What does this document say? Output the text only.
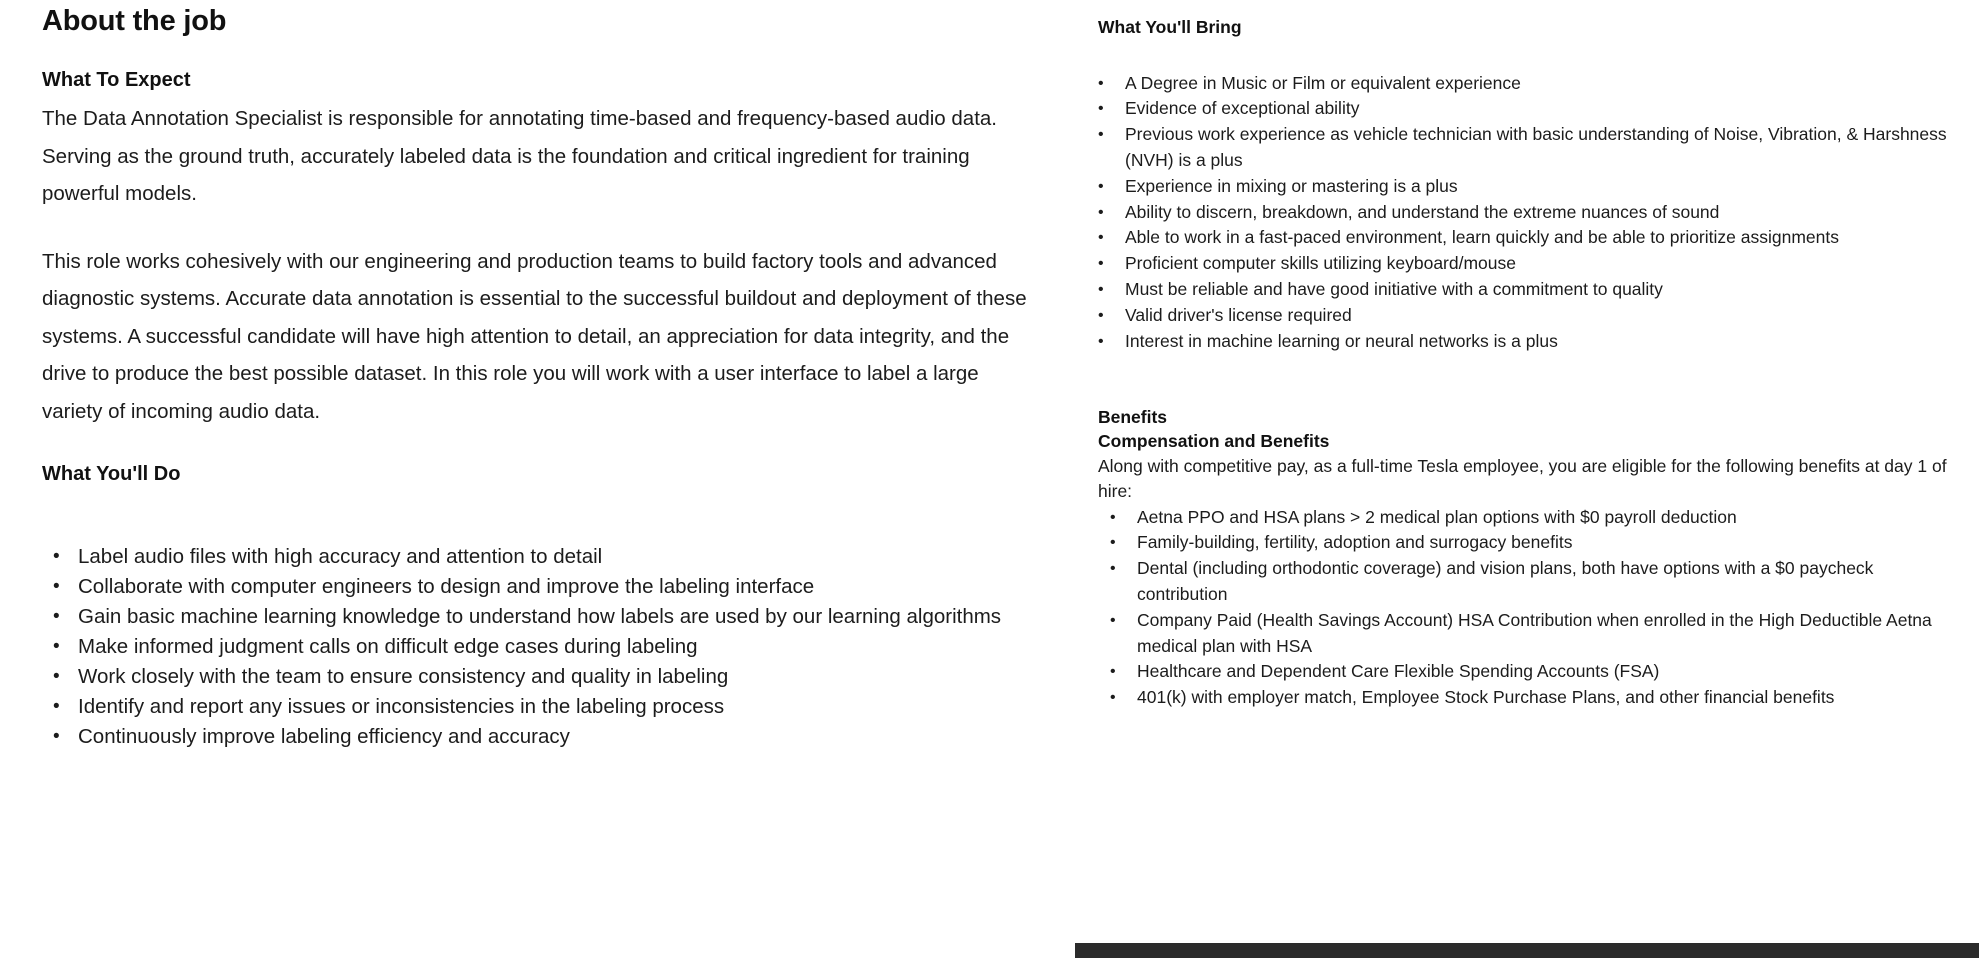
About the job
What To Expect

The Data Annotation Specialist is responsible for annotating time-based and frequency-based audio data. Serving as the ground truth, accurately labeled data is the foundation and critical ingredient for training powerful models.

This role works cohesively with our engineering and production teams to build factory tools and advanced diagnostic systems. Accurate data annotation is essential to the successful buildout and deployment of these systems. A successful candidate will have high attention to detail, an appreciation for data integrity, and the drive to produce the best possible dataset. In this role you will work with a user interface to label a large variety of incoming audio data.

What You'll Do
• Label audio files with high accuracy and attention to detail
• Collaborate with computer engineers to design and improve the labeling interface
• Gain basic machine learning knowledge to understand how labels are used by our learning algorithms
• Make informed judgment calls on difficult edge cases during labeling
• Work closely with the team to ensure consistency and quality in labeling
• Identify and report any issues or inconsistencies in the labeling process
• Continuously improve labeling efficiency and accuracy
What You'll Bring
• A Degree in Music or Film or equivalent experience
• Evidence of exceptional ability
• Previous work experience as vehicle technician with basic understanding of Noise, Vibration, & Harshness (NVH) is a plus
• Experience in mixing or mastering is a plus
• Ability to discern, breakdown, and understand the extreme nuances of sound
• Able to work in a fast-paced environment, learn quickly and be able to prioritize assignments
• Proficient computer skills utilizing keyboard/mouse
• Must be reliable and have good initiative with a commitment to quality
• Valid driver's license required
• Interest in machine learning or neural networks is a plus
Benefits
Compensation and Benefits

Along with competitive pay, as a full-time Tesla employee, you are eligible for the following benefits at day 1 of hire:

• Aetna PPO and HSA plans > 2 medical plan options with $0 payroll deduction
• Family-building, fertility, adoption and surrogacy benefits
• Dental (including orthodontic coverage) and vision plans, both have options with a $0 paycheck contribution
• Company Paid (Health Savings Account) HSA Contribution when enrolled in the High Deductible Aetna medical plan with HSA
• Healthcare and Dependent Care Flexible Spending Accounts (FSA)
• 401(k) with employer match, Employee Stock Purchase Plans, and other financial benefits
